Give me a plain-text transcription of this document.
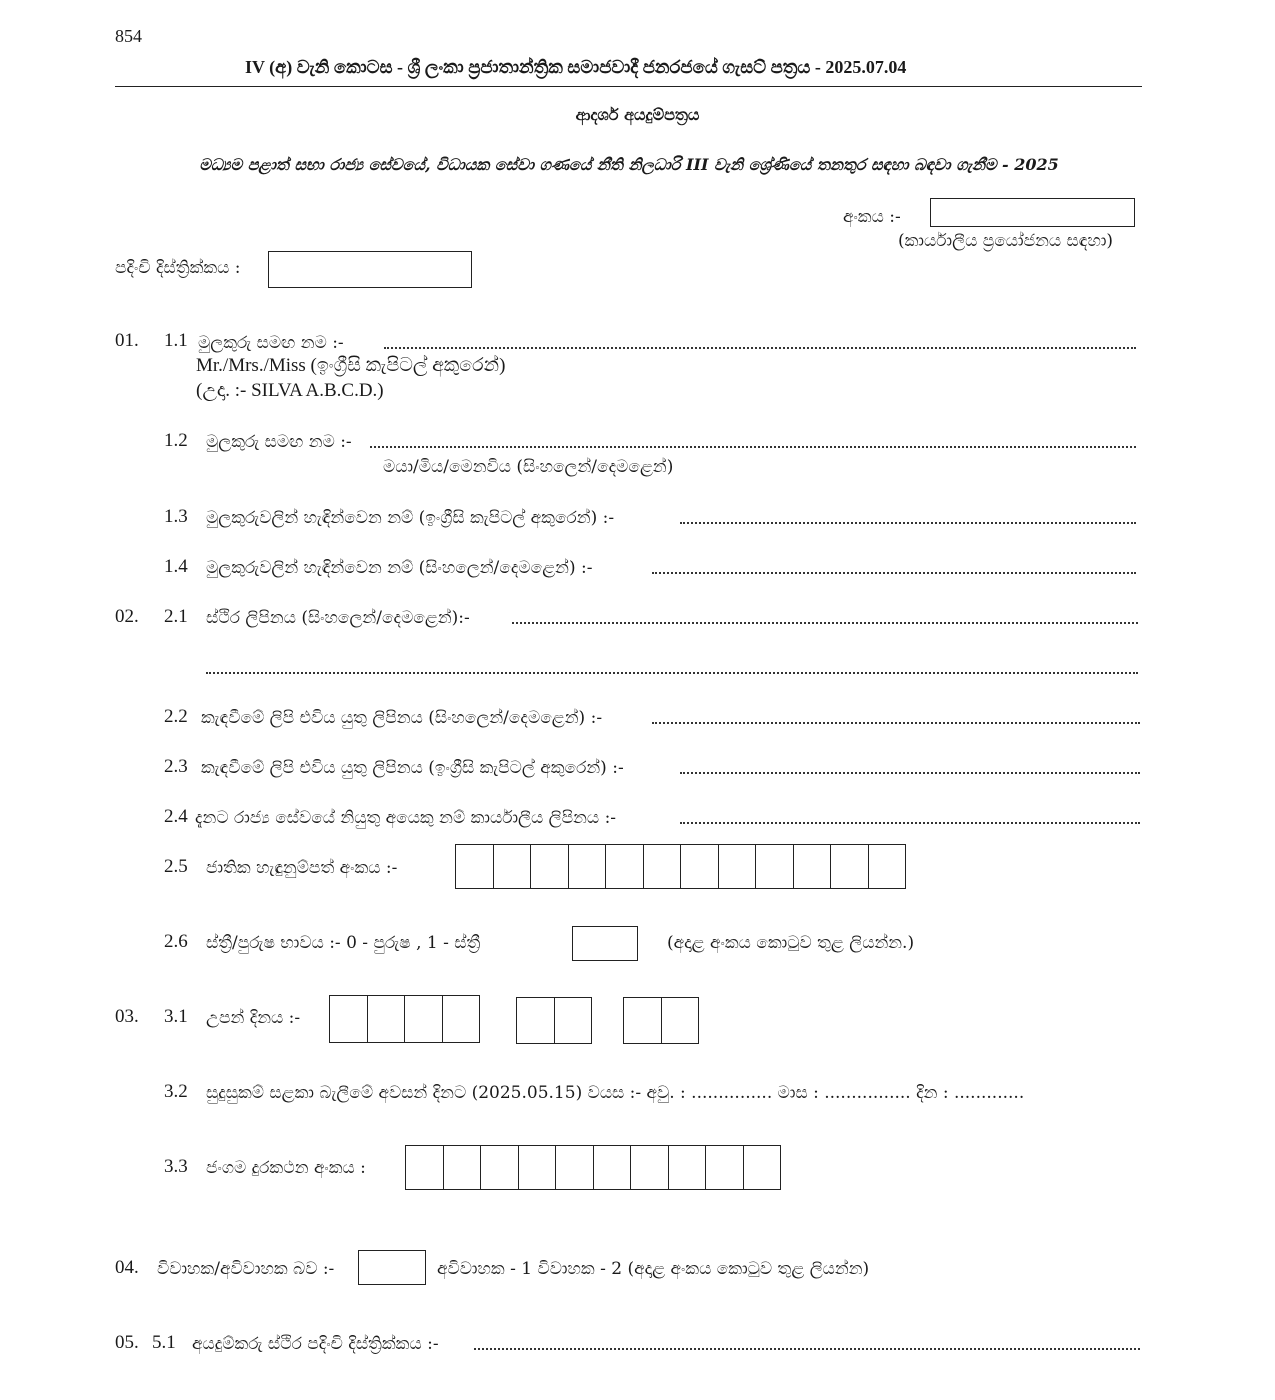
854
IV (අ) වැනි කොටස - ශ්‍රී ලංකා ප්‍රජාතාන්ත්‍රික සමාජවාදී ජනරජයේ ගැසට් පත්‍රය - 2025.07.04
ආදර්ශ අයදුම්පත්‍රය
මධ්‍යම පළාත් සභා රාජ්‍ය සේවයේ, විධායක සේවා ගණයේ නීති නිලධාරි III වැනි ශ්‍රේණියේ තනතුර සඳහා බඳවා ගැනීම - 2025
අංකය :-
(කාර්යාලීය ප්‍රයෝජනය සඳහා)
පදිංචි දිස්ත්‍රික්කය :
01. 1.1 මුලකුරු සමඟ නම :-
Mr./Mrs./Miss (ඉංග්‍රීසි කැපිටල් අකුරෙන්)
(උදා. :- SILVA A.B.C.D.)
1.2 මුලකුරු සමඟ නම :-
මයා/මිය/මෙනවිය (සිංහලෙන්/දෙමළෙන්)
1.3 මුලකුරුවලින් හැඳින්වෙන නම් (ඉංග්‍රීසි කැපිටල් අකුරෙන්) :-
1.4 මුලකුරුවලින් හැඳින්වෙන නම් (සිංහලෙන්/දෙමළෙන්) :-
02. 2.1 ස්ථිර ලිපිනය (සිංහලෙන්/දෙමළෙන්):-
2.2 කැඳවීමේ ලිපි එවිය යුතු ලිපිනය (සිංහලෙන්/දෙමළෙන්) :-
2.3 කැඳවීමේ ලිපි එවිය යුතු ලිපිනය (ඉංග්‍රීසි කැපිටල් අකුරෙන්) :-
2.4 දැනට රාජ්‍ය සේවයේ නියුතු අයෙකු නම් කාර්යාලීය ලිපිනය :-
2.5 ජාතික හැඳුනුම්පත් අංකය :-
2.6 ස්ත්‍රී/පුරුෂ භාවය :- 0 - පුරුෂ , 1 - ස්ත්‍රී	(අදාළ අංකය කොටුව තුළ ලියන්න.)
03. 3.1 උපන් දිනය :-
3.2 සුදුසුකම් සළකා බැලීමේ අවසන් දිනට (2025.05.15) වයස :- අවු. : ............... මාස : ................ දින : .............
3.3 ජංගම දුරකථන අංකය :
04. විවාහක/අවිවාහක බව :-	අවිවාහක - 1 විවාහක - 2 (අදාළ අංකය කොටුව තුළ ලියන්න)
05. 5.1 අයදුම්කරු ස්ථිර පදිංචි දිස්ත්‍රික්කය :-
